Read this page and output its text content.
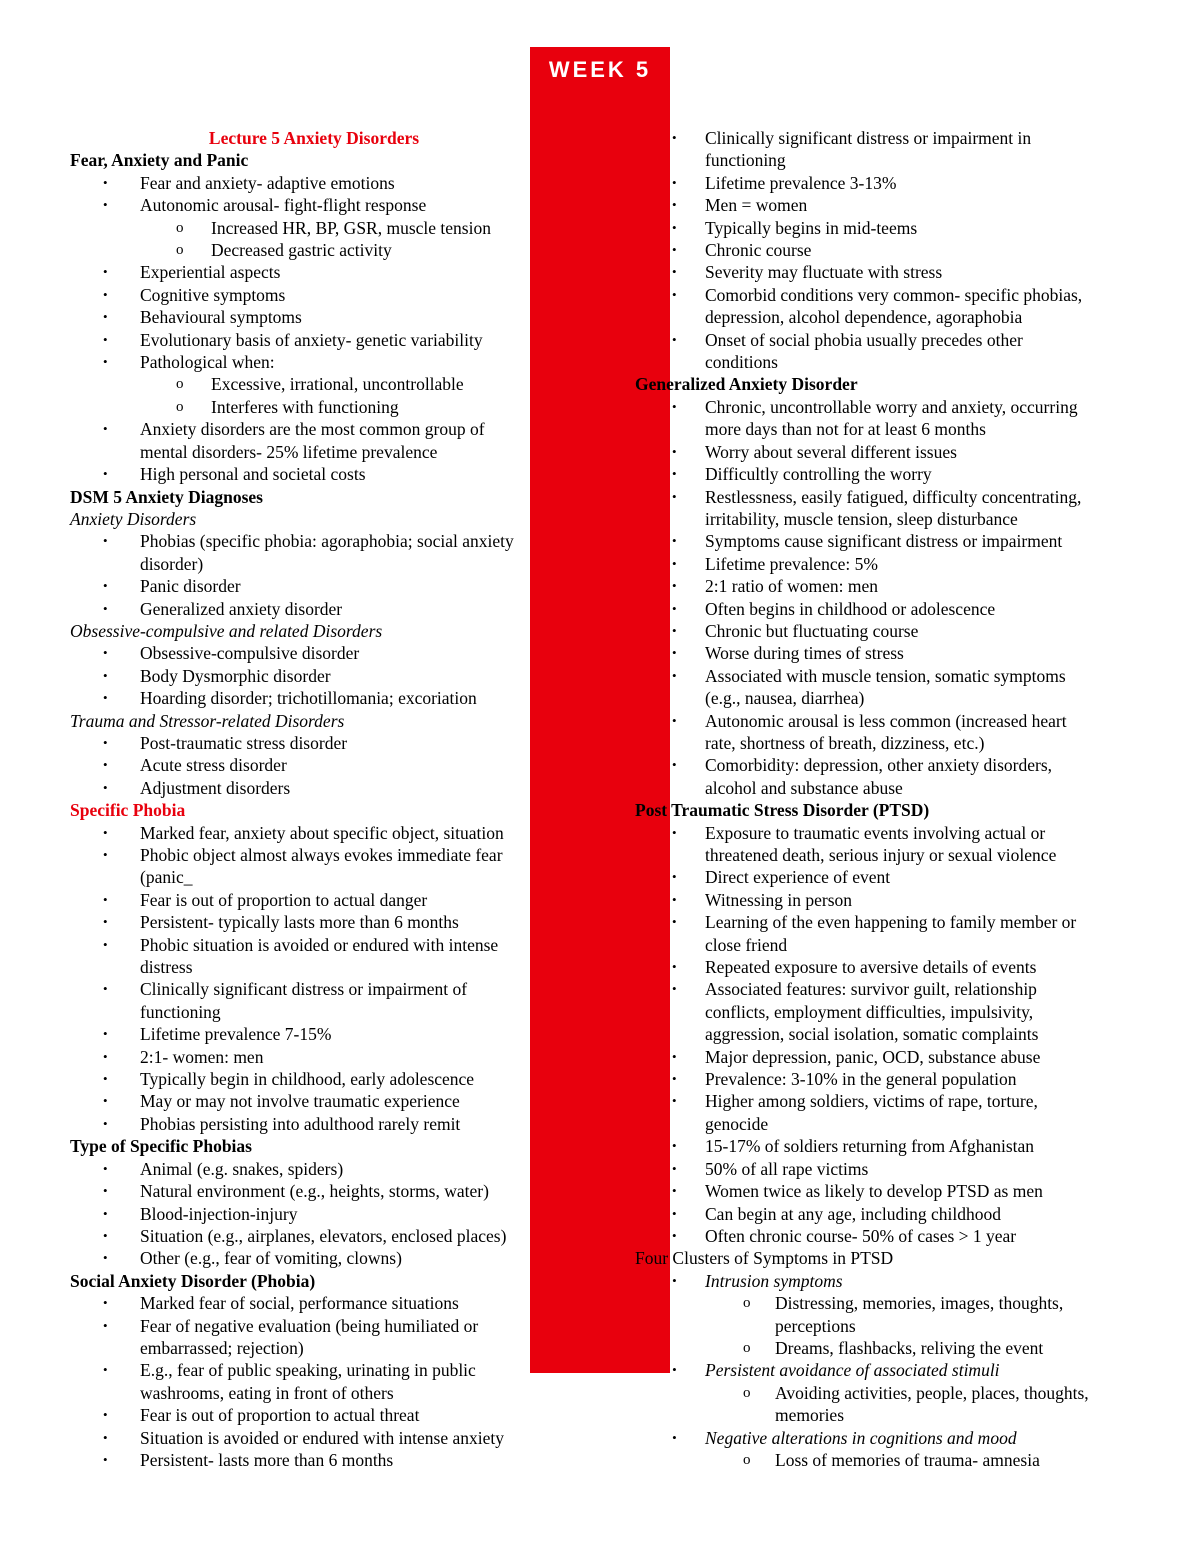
WEEK 5
Lecture 5 Anxiety Disorders
Fear, Anxiety and Panic
• Fear and anxiety- adaptive emotions
• Autonomic arousal- fight-flight response
o Increased HR, BP, GSR, muscle tension
o Decreased gastric activity
• Experiential aspects
• Cognitive symptoms
• Behavioural symptoms
• Evolutionary basis of anxiety- genetic variability
• Pathological when:
o Excessive, irrational, uncontrollable
o Interferes with functioning
• Anxiety disorders are the most common group of
mental disorders- 25% lifetime prevalence
• High personal and societal costs
DSM 5 Anxiety Diagnoses
Anxiety Disorders
• Phobias (specific phobia: agoraphobia; social anxiety
disorder)
• Panic disorder
• Generalized anxiety disorder
Obsessive-compulsive and related Disorders
• Obsessive-compulsive disorder
• Body Dysmorphic disorder
• Hoarding disorder; trichotillomania; excoriation
Trauma and Stressor-related Disorders
• Post-traumatic stress disorder
• Acute stress disorder
• Adjustment disorders
Specific Phobia
• Marked fear, anxiety about specific object, situation
• Phobic object almost always evokes immediate fear
(panic_
• Fear is out of proportion to actual danger
• Persistent- typically lasts more than 6 months
• Phobic situation is avoided or endured with intense
distress
• Clinically significant distress or impairment of
functioning
• Lifetime prevalence 7-15%
• 2:1- women: men
• Typically begin in childhood, early adolescence
• May or may not involve traumatic experience
• Phobias persisting into adulthood rarely remit
Type of Specific Phobias
• Animal (e.g. snakes, spiders)
• Natural environment (e.g., heights, storms, water)
• Blood-injection-injury
• Situation (e.g., airplanes, elevators, enclosed places)
• Other (e.g., fear of vomiting, clowns)
Social Anxiety Disorder (Phobia)
• Marked fear of social, performance situations
• Fear of negative evaluation (being humiliated or
embarrassed; rejection)
• E.g., fear of public speaking, urinating in public
washrooms, eating in front of others
• Fear is out of proportion to actual threat
• Situation is avoided or endured with intense anxiety
• Persistent- lasts more than 6 months
• Clinically significant distress or impairment in
functioning
• Lifetime prevalence 3-13%
• Men = women
• Typically begins in mid-teems
• Chronic course
• Severity may fluctuate with stress
• Comorbid conditions very common- specific phobias,
depression, alcohol dependence, agoraphobia
• Onset of social phobia usually precedes other
conditions
Generalized Anxiety Disorder
• Chronic, uncontrollable worry and anxiety, occurring
more days than not for at least 6 months
• Worry about several different issues
• Difficultly controlling the worry
• Restlessness, easily fatigued, difficulty concentrating,
irritability, muscle tension, sleep disturbance
• Symptoms cause significant distress or impairment
• Lifetime prevalence: 5%
• 2:1 ratio of women: men
• Often begins in childhood or adolescence
• Chronic but fluctuating course
• Worse during times of stress
• Associated with muscle tension, somatic symptoms
(e.g., nausea, diarrhea)
• Autonomic arousal is less common (increased heart
rate, shortness of breath, dizziness, etc.)
• Comorbidity: depression, other anxiety disorders,
alcohol and substance abuse
Post Traumatic Stress Disorder (PTSD)
• Exposure to traumatic events involving actual or
threatened death, serious injury or sexual violence
• Direct experience of event
• Witnessing in person
• Learning of the even happening to family member or
close friend
• Repeated exposure to aversive details of events
• Associated features: survivor guilt, relationship
conflicts, employment difficulties, impulsivity,
aggression, social isolation, somatic complaints
• Major depression, panic, OCD, substance abuse
• Prevalence: 3-10% in the general population
• Higher among soldiers, victims of rape, torture,
genocide
• 15-17% of soldiers returning from Afghanistan
• 50% of all rape victims
• Women twice as likely to develop PTSD as men
• Can begin at any age, including childhood
• Often chronic course- 50% of cases > 1 year
Four Clusters of Symptoms in PTSD
• Intrusion symptoms
o Distressing, memories, images, thoughts,
perceptions
o Dreams, flashbacks, reliving the event
• Persistent avoidance of associated stimuli
o Avoiding activities, people, places, thoughts,
memories
• Negative alterations in cognitions and mood
o Loss of memories of trauma- amnesia
